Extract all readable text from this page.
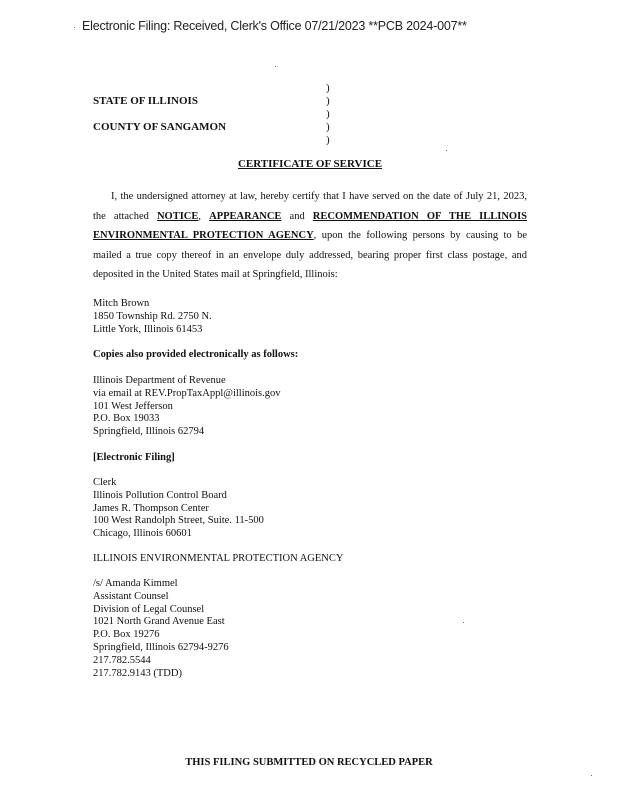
Electronic Filing: Received, Clerk's Office 07/21/2023 **PCB 2024-007**
STATE OF ILLINOIS
COUNTY OF SANGAMON
)
)
)
)
)
CERTIFICATE OF SERVICE
I, the undersigned attorney at law, hereby certify that I have served on the date of July 21, 2023, the attached NOTICE, APPEARANCE and RECOMMENDATION OF THE ILLINOIS ENVIRONMENTAL PROTECTION AGENCY, upon the following persons by causing to be mailed a true copy thereof in an envelope duly addressed, bearing proper first class postage, and deposited in the United States mail at Springfield, Illinois:
Mitch Brown
1850 Township Rd. 2750 N.
Little York, Illinois 61453
Copies also provided electronically as follows:
Illinois Department of Revenue
via email at REV.PropTaxAppl@illinois.gov
101 West Jefferson
P.O. Box 19033
Springfield, Illinois 62794
[Electronic Filing]
Clerk
Illinois Pollution Control Board
James R. Thompson Center
100 West Randolph Street, Suite. 11-500
Chicago, Illinois 60601
ILLINOIS ENVIRONMENTAL PROTECTION AGENCY
/s/ Amanda Kimmel
Assistant Counsel
Division of Legal Counsel
1021 North Grand Avenue East
P.O. Box 19276
Springfield, Illinois 62794-9276
217.782.5544
217.782.9143 (TDD)
THIS FILING SUBMITTED ON RECYCLED PAPER
